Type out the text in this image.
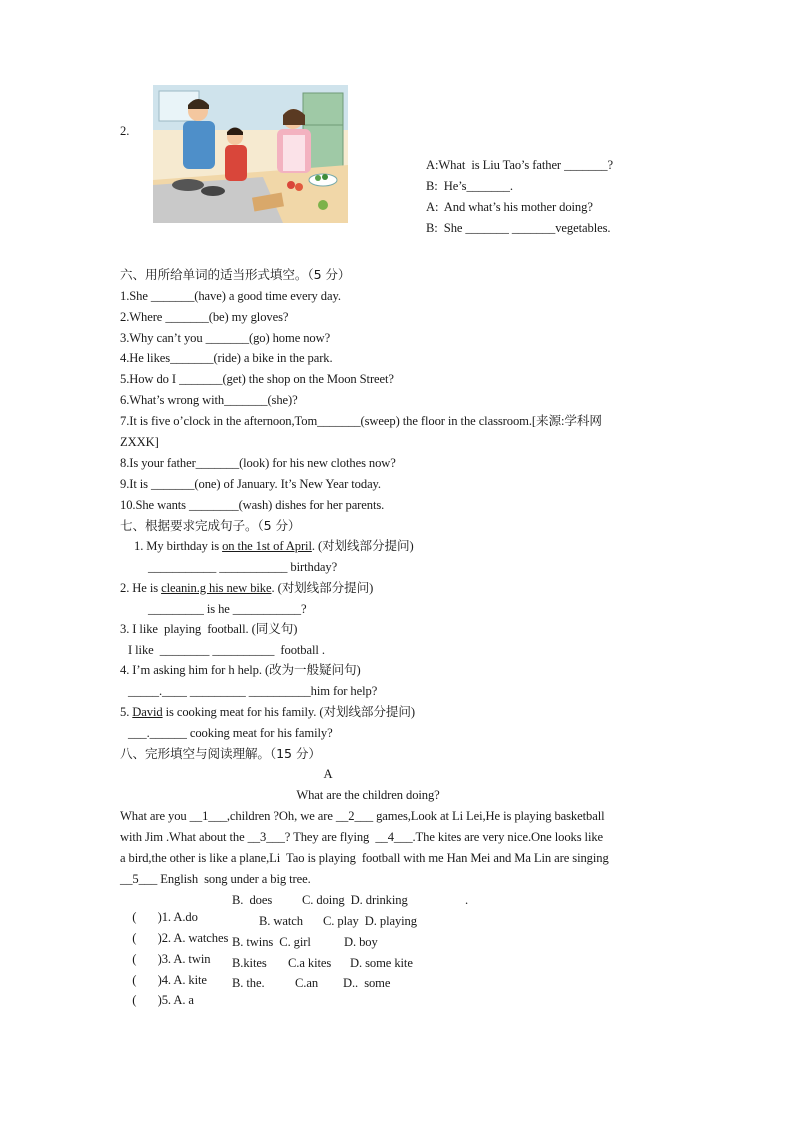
2.
A:What  is Liu Tao’s father _______?
B:  He’s_______.
A:  And what’s his mother doing?
B:  She _______ _______vegetables.
六、用所给单词的适当形式填空。（5 分）
1.She _______(have) a good time every day.
2.Where _______(be) my gloves?
3.Why can’t you _______(go) home now?
4.He likes_______(ride) a bike in the park.
5.How do I _______(get) the shop on the Moon Street?
6.What’s wrong with_______(she)?
7.It is five o’clock in the afternoon,Tom_______(sweep) the floor in the classroom.[来源:学科网
ZXXK]
8.Is your father_______(look) for his new clothes now?
9.It is _______(one) of January. It’s New Year today.
10.She wants ________(wash) dishes for her parents.
七、根据要求完成句子。（5 分）
1. My birthday is on the 1st of April. (对划线部分提问)
___________ ___________ birthday?
2. He is cleanin.g his new bike. (对划线部分提问)
_________ is he ___________?
3. I like  playing  football. (同义句)
I like  ________ __________  football .
4. I’m asking him for h help. (改为一般疑问句)
_____.____ _________ __________him for help?
5. David is cooking meat for his family. (对划线部分提问)
___.______ cooking meat for his family?
八、完形填空与阅读理解。（15 分）
A
What are the children doing?
What are you __1___,children ?Oh, we are __2___ games,Look at Li Lei,He is playing basketball
with Jim .What about the __3___? They are flying  __4___.The kites are very nice.One looks like
a bird,the other is like a plane,Li  Tao is playing  football with me Han Mei and Ma Lin are singing
__5___ English  song under a big tree.

(       )1. A.do

B.  does C. doing  D. drinking	.

(       )2. A. watches

B. watch C. play  D. playing

(       )3. A. twin

B. twins  C. girl	D. boy

(       )4. A. kite

B.kites C.a kites D. some kite

(       )5. A. a

B. the. C.an D..  some
